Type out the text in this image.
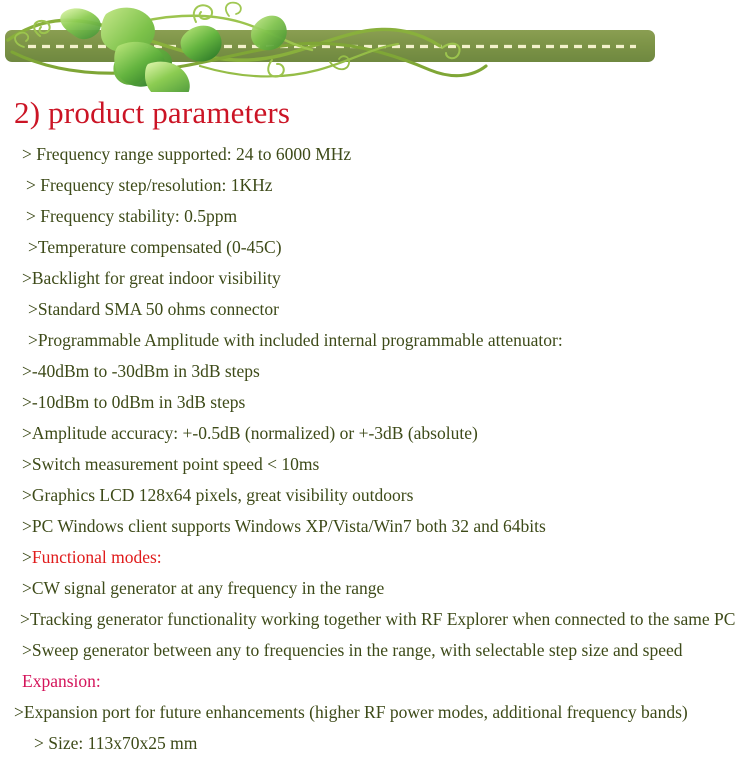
2) product parameters
> Frequency range supported: 24 to 6000 MHz
> Frequency step/resolution: 1KHz
> Frequency stability: 0.5ppm
>Temperature compensated (0-45C)
>Backlight for great indoor visibility
>Standard SMA 50 ohms connector
>Programmable Amplitude with included internal programmable attenuator:
>-40dBm to -30dBm in 3dB steps
>-10dBm to 0dBm in 3dB steps
>Amplitude accuracy: +-0.5dB (normalized) or +-3dB (absolute)
>Switch measurement point speed < 10ms
>Graphics LCD 128x64 pixels, great visibility outdoors
>PC Windows client supports Windows XP/Vista/Win7 both 32 and 64bits
>Functional modes:
>CW signal generator at any frequency in the range
>Tracking generator functionality working together with RF Explorer when connected to the same PC
>Sweep generator between any to frequencies in the range, with selectable step size and speed
Expansion:
>Expansion port for future enhancements (higher RF power modes, additional frequency bands)
> Size: 113x70x25 mm
